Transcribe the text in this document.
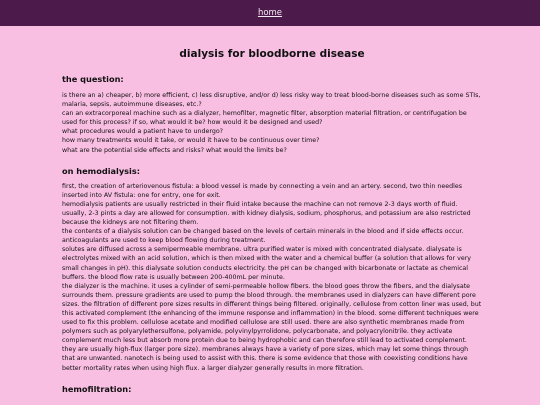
home
dialysis for bloodborne disease
the question:

is there an a) cheaper, b) more efficient, c) less disruptive, and/or d) less risky way to treat blood-borne diseases such as some STIs, malaria, sepsis, autoimmune diseases, etc.?

can an extracorporeal machine such as a dialyzer, hemofilter, magnetic filter, absorption material filtration, or centrifugation be used for this process? if so, what would it be? how would it be designed and used?

what procedures would a patient have to undergo?

how many treatments would it take, or would it have to be continuous over time?

what are the potential side effects and risks? what would the limits be?

on hemodialysis:

first, the creation of arteriovenous fistula: a blood vessel is made by connecting a vein and an artery. second, two thin needles inserted into AV fistula: one for entry, one for exit.

hemodialysis patients are usually restricted in their fluid intake because the machine can not remove 2-3 days worth of fluid. usually, 2-3 pints a day are allowed for consumption. with kidney dialysis, sodium, phosphorus, and potassium are also restricted because the kidneys are not filtering them.

the contents of a dialysis solution can be changed based on the levels of certain minerals in the blood and if side effects occur. anticoagulants are used to keep blood flowing during treatment.

solutes are diffused across a semipermeable membrane. ultra purified water is mixed with concentrated dialysate. dialysate is electrolytes mixed with an acid solution, which is then mixed with the water and a chemical buffer (a solution that allows for very small changes in pH). this dialysate solution conducts electricity. the pH can be changed with bicarbonate or lactate as chemical buffers. the blood flow rate is usually between 200-400mL per minute.

the dialyzer is the machine. it uses a cylinder of semi-permeable hollow fibers. the blood goes throw the fibers, and the dialysate surrounds them. pressure gradients are used to pump the blood through. the membranes used in dialyzers can have different pore sizes. the filtration of different pore sizes results in different things being filtered. originally, cellulose from cotton liner was used, but this activated complement (the enhancing of the immune response and inflammation) in the blood. some different techniques were used to fix this problem. cellulose acetate and modified cellulose are still used. there are also synthetic membranes made from polymers such as polyarylethersulfone, polyamide, polyvinylpyrrolidone, polycarbonate, and polyacrylonitrile. they activate complement much less but absorb more protein due to being hydrophobic and can therefore still lead to activated complement. they are usually high-flux (larger pore size). membranes always have a variety of pore sizes, which may let some things through that are unwanted. nanotech is being used to assist with this. there is some evidence that those with coexisting conditions have better mortality rates when using high flux. a larger dialyzer generally results in more filtration.

hemofiltration:
